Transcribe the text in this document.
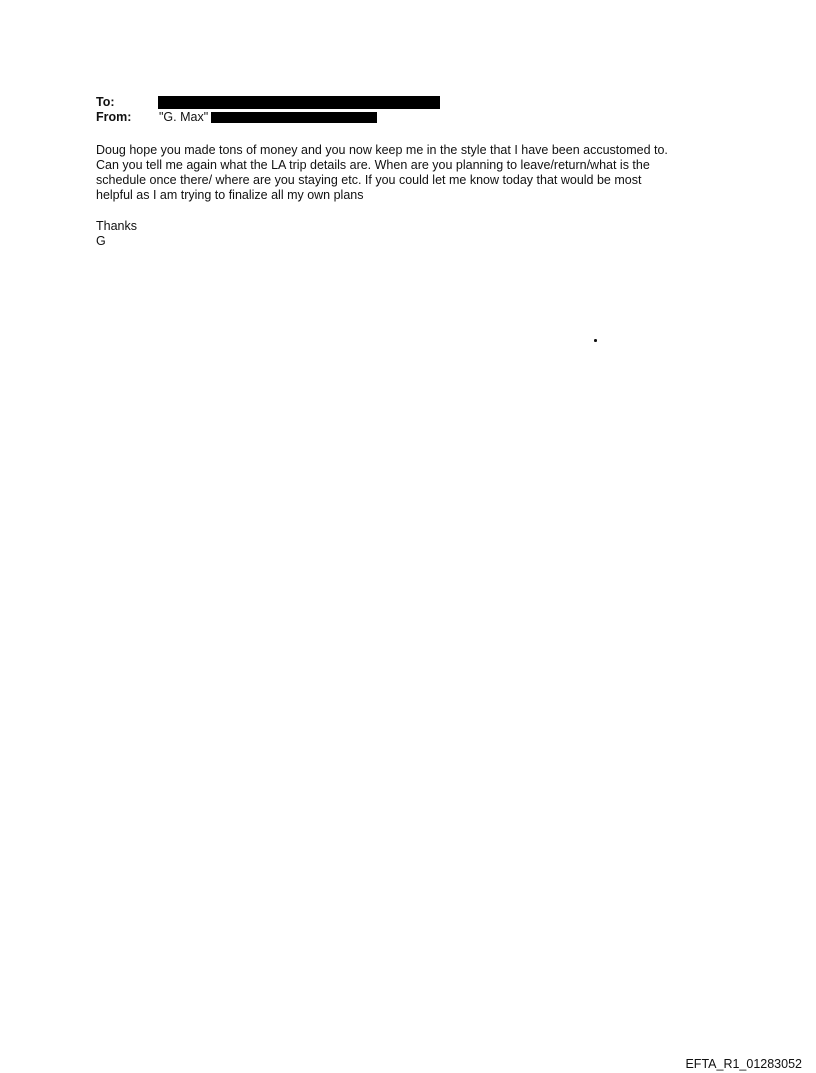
To:
From: "G. Max"

Doug hope you made tons of money and you now keep me in the style that I have been accustomed to.
Can you tell me again what the LA trip details are. When are you planning to leave/return/what is the
schedule once there/ where are you staying etc. If you could let me know today that would be most
helpful as I am trying to finalize all my own plans

Thanks
G
EFTA_R1_01283052
